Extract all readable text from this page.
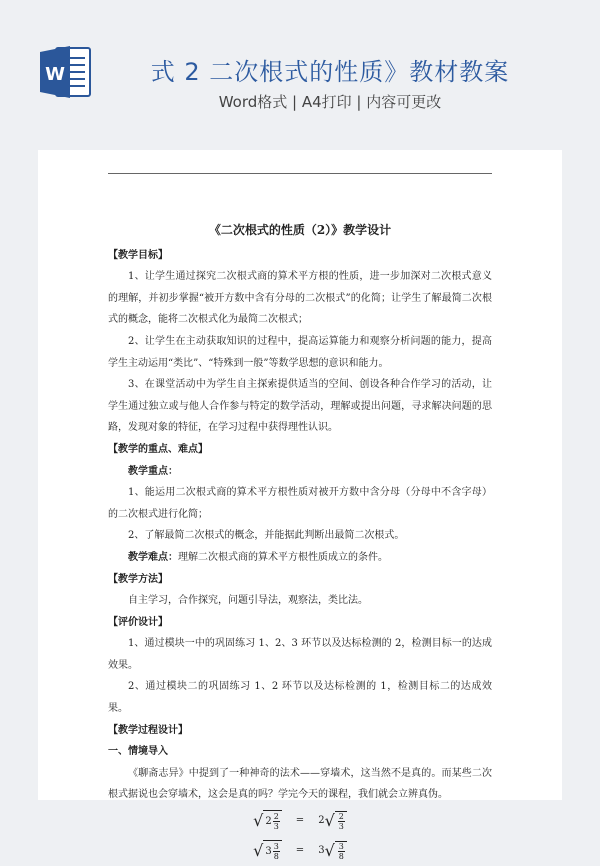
W	式 2 二次根式的性质》教材教案
Word格式 | A4打印 | 内容可更改

《二次根式的性质（2）》教学设计

【教学目标】

1、让学生通过探究二次根式商的算术平方根的性质，进一步加深对二次根式意义的理解，并初步掌握“被开方数中含有分母的二次根式”的化简；让学生了解最简二次根式的概念，能将二次根式化为最简二次根式；

2、让学生在主动获取知识的过程中，提高运算能力和观察分析问题的能力，提高学生主动运用“类比”、“特殊到一般”等数学思想的意识和能力。

3、在课堂活动中为学生自主探索提供适当的空间、创设各种合作学习的活动，让学生通过独立或与他人合作参与特定的数学活动，理解或提出问题，寻求解决问题的思路，发现对象的特征，在学习过程中获得理性认识。

【教学的重点、难点】

教学重点：

1、能运用二次根式商的算术平方根性质对被开方数中含分母（分母中不含字母）的二次根式进行化简；

2、了解最简二次根式的概念，并能据此判断出最简二次根式。

教学难点：理解二次根式商的算术平方根性质成立的条件。

【教学方法】

自主学习，合作探究，问题引导法，观察法，类比法。

【评价设计】

1、通过模块一中的巩固练习 1、2、3 环节以及达标检测的 2，检测目标一的达成效果。

2、通过模块二的巩固练习 1、2 环节以及达标检测的 1，检测目标二的达成效果。

【教学过程设计】

一、情境导入

《聊斋志异》中提到了一种神奇的法术——穿墙术，这当然不是真的。而某些二次根式据说也会穿墙术，这会是真的吗？学完今天的课程，我们就会立辨真伪。

√ $2 \frac{2}{3} = 2$ √ $\frac{2}{3}$
√ $3 \frac{3}{8} = 3$ √ $\frac{3}{8}$
